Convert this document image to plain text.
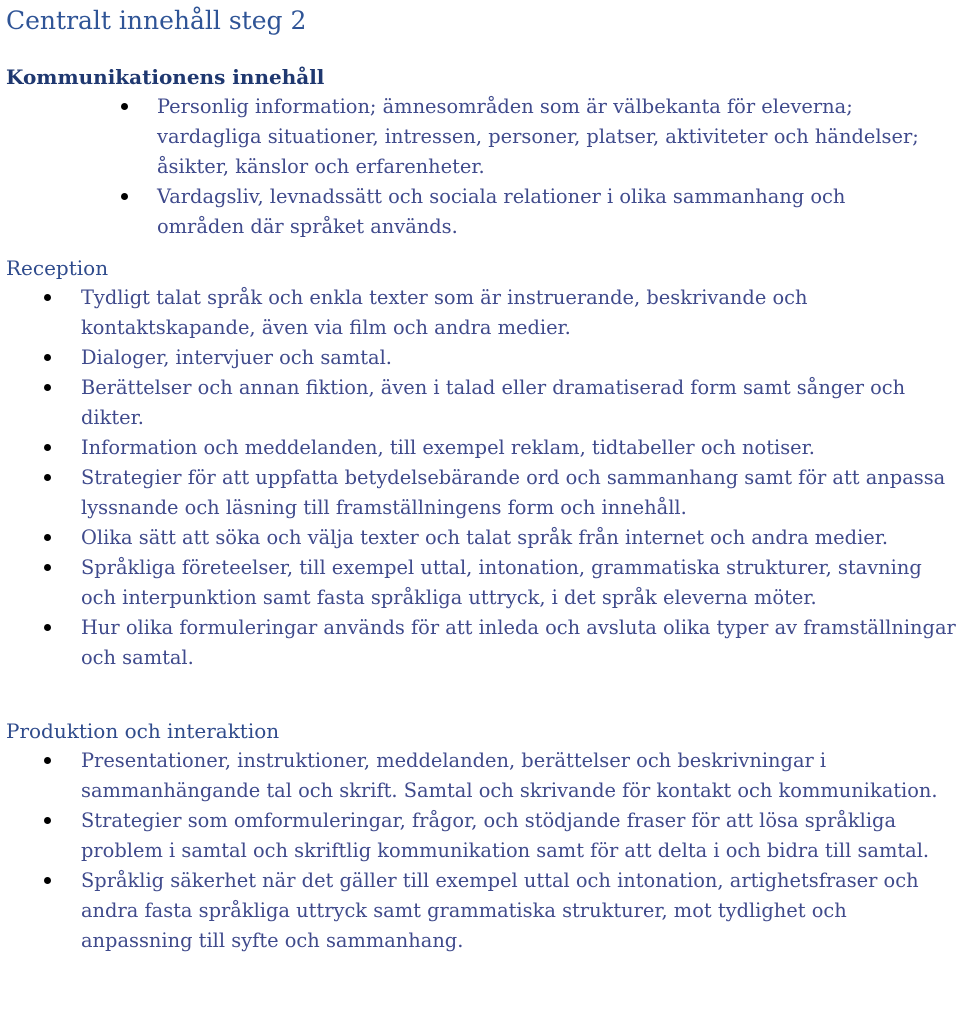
Centralt innehåll steg 2
Kommunikationens innehåll
Personlig information; ämnesområden som är välbekanta för eleverna; vardagliga situationer, intressen, personer, platser, aktiviteter och händelser; åsikter, känslor och erfarenheter.
Vardagsliv, levnadssätt och sociala relationer i olika sammanhang och områden där språket används.
Reception
Tydligt talat språk och enkla texter som är instruerande, beskrivande och kontaktskapande, även via film och andra medier.
Dialoger, intervjuer och samtal.
Berättelser och annan fiktion, även i talad eller dramatiserad form samt sånger och dikter.
Information och meddelanden, till exempel reklam, tidtabeller och notiser.
Strategier för att uppfatta betydelsebärande ord och sammanhang samt för att anpassa lyssnande och läsning till framställningens form och innehåll.
Olika sätt att söka och välja texter och talat språk från internet och andra medier.
Språkliga företeelser, till exempel uttal, intonation, grammatiska strukturer, stavning och interpunktion samt fasta språkliga uttryck, i det språk eleverna möter.
Hur olika formuleringar används för att inleda och avsluta olika typer av framställningar och samtal.
Produktion och interaktion
Presentationer, instruktioner, meddelanden, berättelser och beskrivningar i sammanhängande tal och skrift. Samtal och skrivande för kontakt och kommunikation.
Strategier som omformuleringar, frågor, och stödjande fraser för att lösa språkliga problem i samtal och skriftlig kommunikation samt för att delta i och bidra till samtal.
Språklig säkerhet när det gäller till exempel uttal och intonation, artighetsfraser och andra fasta språkliga uttryck samt grammatiska strukturer, mot tydlighet och anpassning till syfte och sammanhang.
